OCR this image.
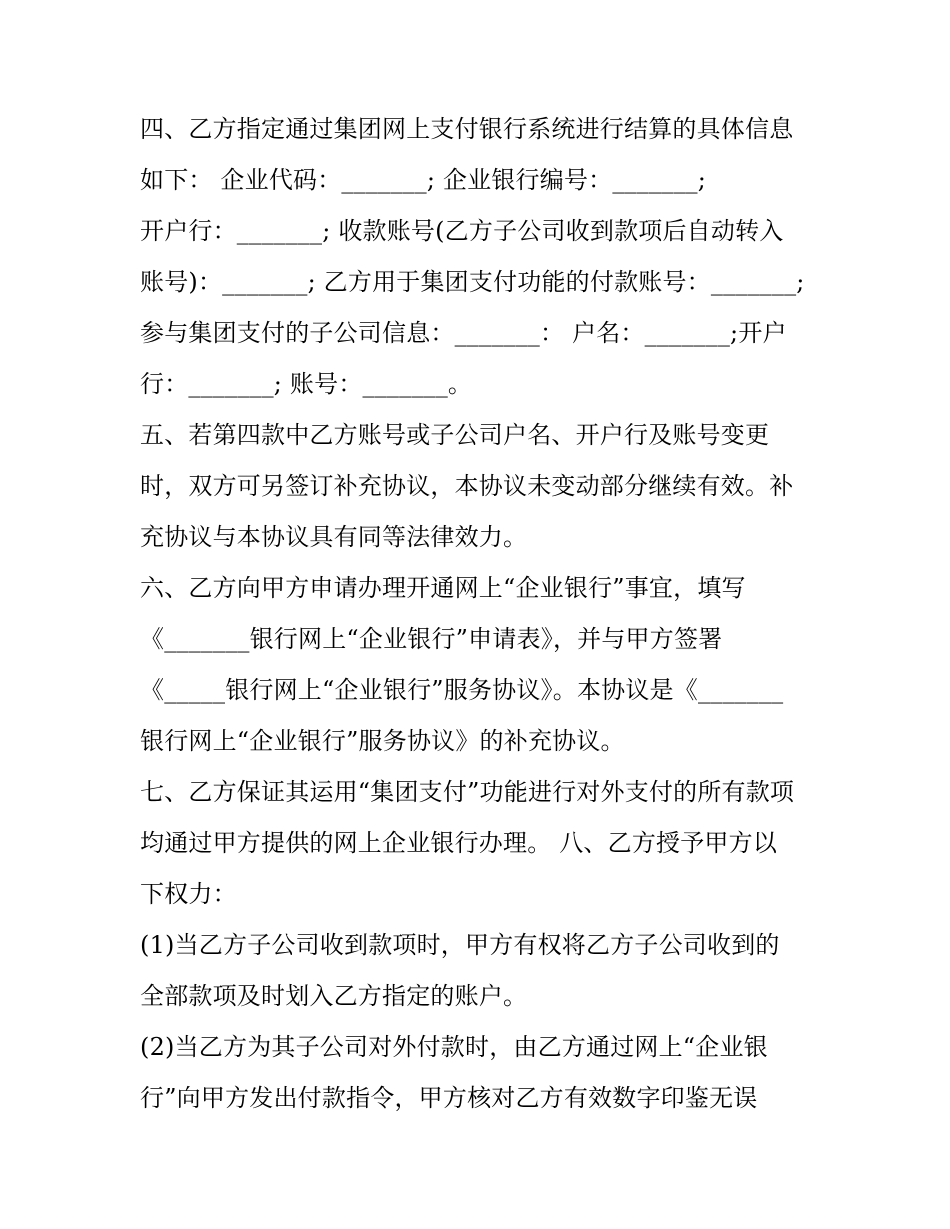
四、乙方指定通过集团网上支付银行系统进行结算的具体信息
如下： 企业代码：_______; 企业银行编号：_______;
开户行：_______; 收款账号(乙方子公司收到款项后自动转入
账号)：_______; 乙方用于集团支付功能的付款账号：_______;
参与集团支付的子公司信息：_______： 户名：_______;开户
行：_______; 账号：_______。
五、若第四款中乙方账号或子公司户名、开户行及账号变更
时，双方可另签订补充协议，本协议未变动部分继续有效。补
充协议与本协议具有同等法律效力。
六、乙方向甲方申请办理开通网上“企业银行”事宜，填写
《_______银行网上“企业银行”申请表》，并与甲方签署
《_____银行网上“企业银行”服务协议》。本协议是《_______
银行网上“企业银行”服务协议》的补充协议。
七、乙方保证其运用“集团支付”功能进行对外支付的所有款项
均通过甲方提供的网上企业银行办理。 八、乙方授予甲方以
下权力：
(1)当乙方子公司收到款项时，甲方有权将乙方子公司收到的
全部款项及时划入乙方指定的账户。
(2)当乙方为其子公司对外付款时，由乙方通过网上“企业银
行”向甲方发出付款指令，甲方核对乙方有效数字印鉴无误
